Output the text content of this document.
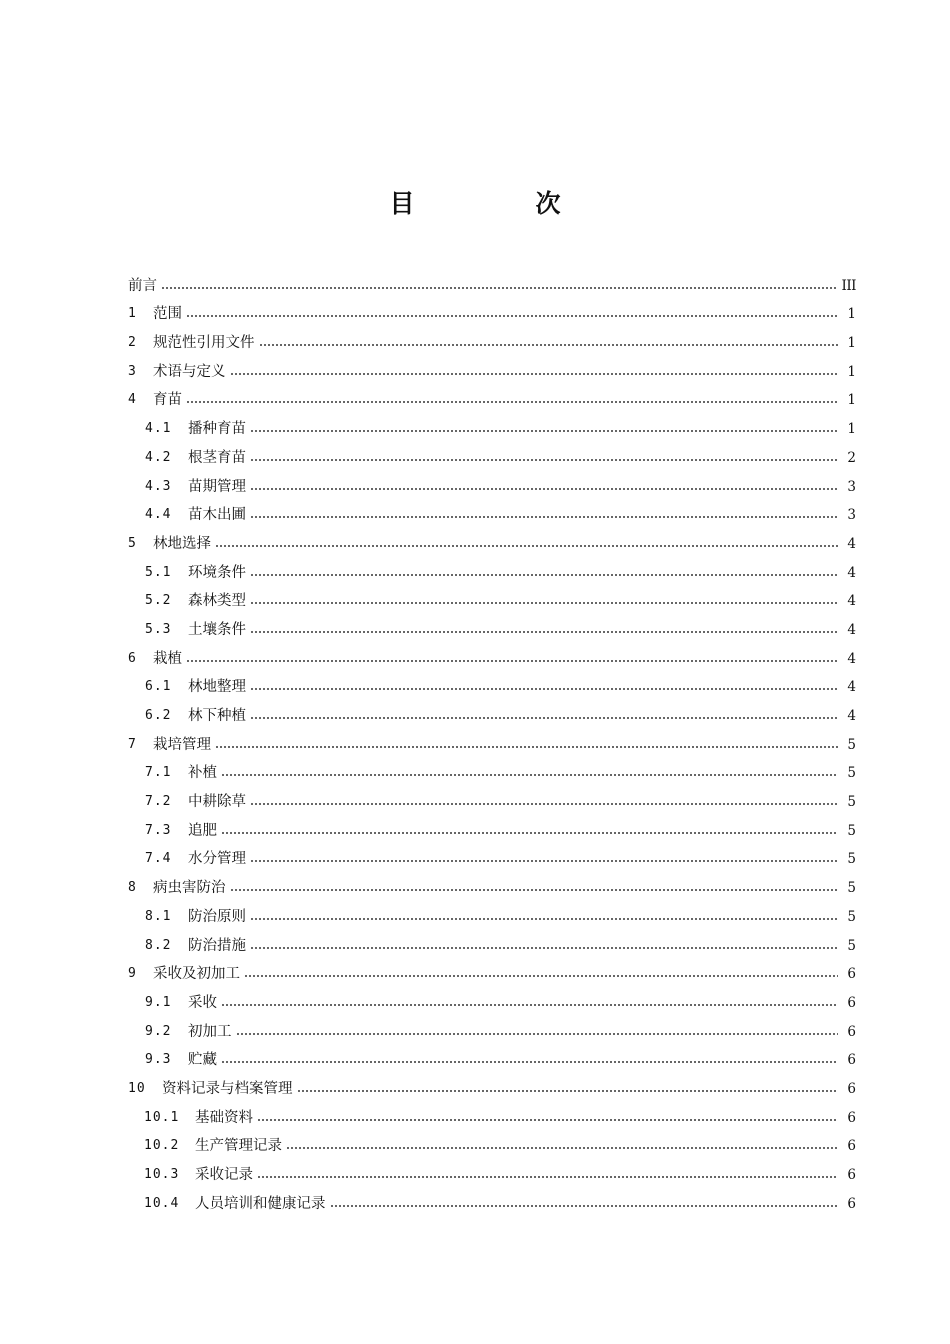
目　次
前言	III
1	范围	1
2	规范性引用文件	1
3	术语与定义	1
4	育苗	1
4.1	播种育苗	1
4.2	根茎育苗	2
4.3	苗期管理	3
4.4	苗木出圃	3
5	林地选择	4
5.1	环境条件	4
5.2	森林类型	4
5.3	土壤条件	4
6	栽植	4
6.1	林地整理	4
6.2	林下种植	4
7	栽培管理	5
7.1	补植	5
7.2	中耕除草	5
7.3	追肥	5
7.4	水分管理	5
8	病虫害防治	5
8.1	防治原则	5
8.2	防治措施	5
9	采收及初加工	6
9.1	采收	6
9.2	初加工	6
9.3	贮藏	6
10	资料记录与档案管理	6
10.1	基础资料	6
10.2	生产管理记录	6
10.3	采收记录	6
10.4	人员培训和健康记录	6
